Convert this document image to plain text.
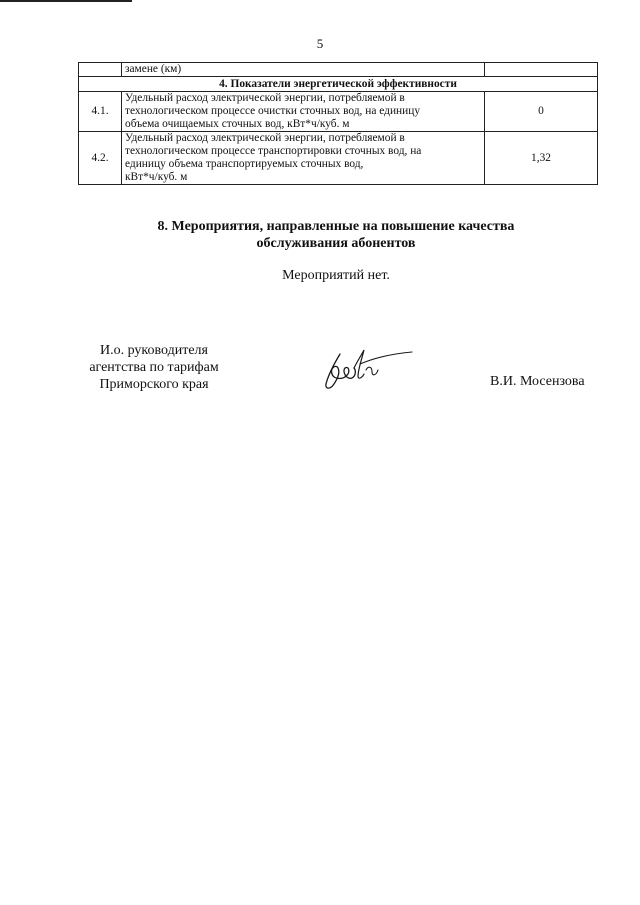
5
	замене (км)	
4. Показатели энергетической эффективности		
4.1.	Удельный расход электрической энергии, потребляемой в
технологическом процессе очистки сточных вод, на единицу
объема очищаемых сточных вод, кВт*ч/куб. м	0
4.2.	Удельный расход электрической энергии, потребляемой в
технологическом процессе транспортировки сточных вод, на
единицу объема транспортируемых сточных вод,
кВт*ч/куб. м	1,32
8. Мероприятия, направленные на повышение качества
обслуживания абонентов
Мероприятий нет.
И.о. руководителя
агентства по тарифам
Приморского края	В.И. Мосензова
